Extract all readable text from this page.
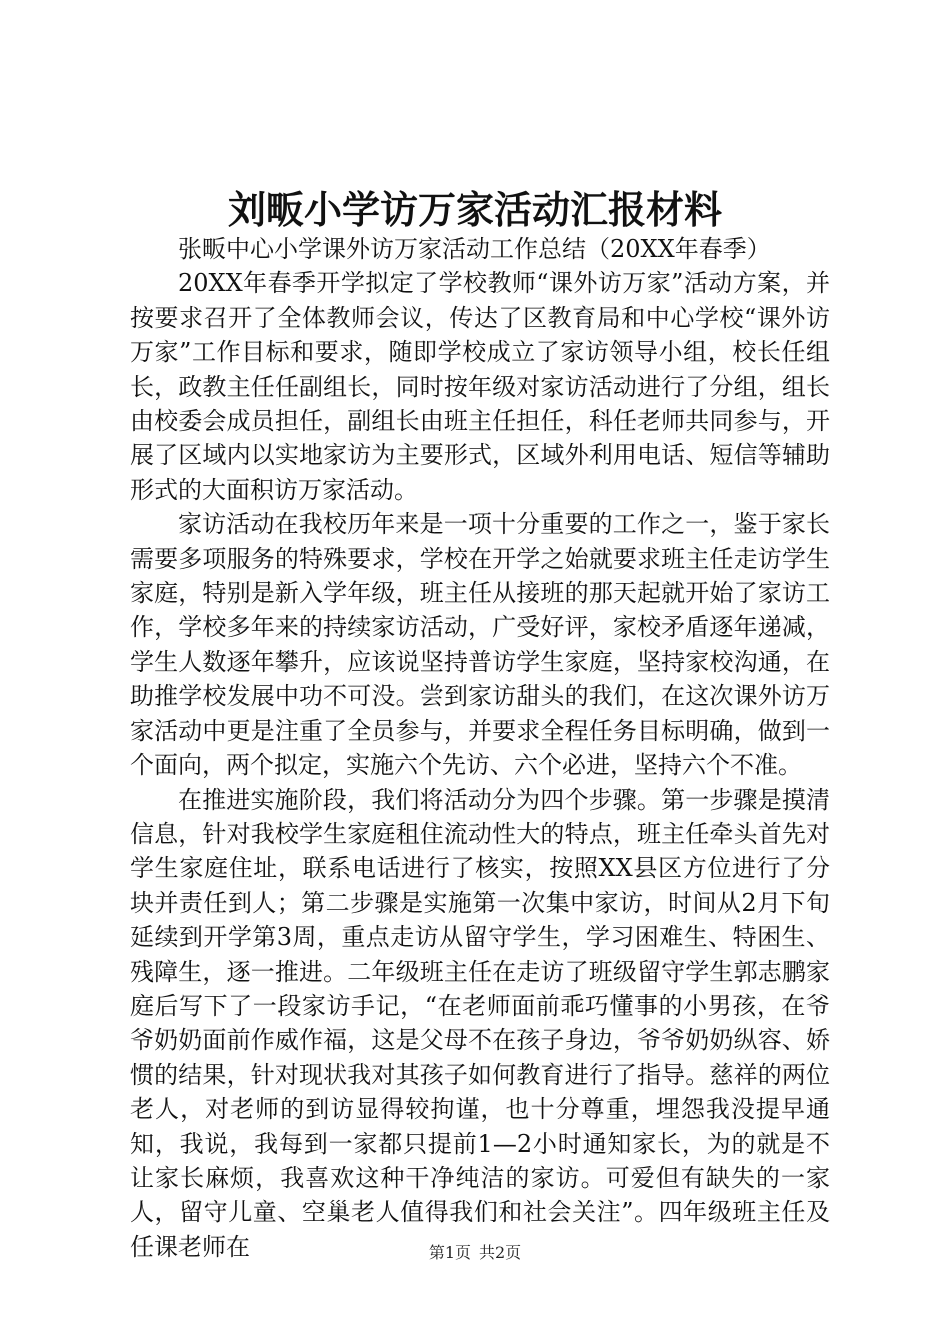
刘畈小学访万家活动汇报材料

张畈中心小学课外访万家活动工作总结（20XX年春季）

20XX年春季开学拟定了学校教师“课外访万家”活动方案，并按要求召开了全体教师会议，传达了区教育局和中心学校“课外访万家”工作目标和要求，随即学校成立了家访领导小组，校长任组长，政教主任任副组长，同时按年级对家访活动进行了分组，组长由校委会成员担任，副组长由班主任担任，科任老师共同参与，开展了区域内以实地家访为主要形式，区域外利用电话、短信等辅助形式的大面积访万家活动。

家访活动在我校历年来是一项十分重要的工作之一，鉴于家长需要多项服务的特殊要求，学校在开学之始就要求班主任走访学生家庭，特别是新入学年级，班主任从接班的那天起就开始了家访工作，学校多年来的持续家访活动，广受好评，家校矛盾逐年递减，学生人数逐年攀升，应该说坚持普访学生家庭，坚持家校沟通，在助推学校发展中功不可没。尝到家访甜头的我们，在这次课外访万家活动中更是注重了全员参与，并要求全程任务目标明确，做到一个面向，两个拟定，实施六个先访、六个必进，坚持六个不准。

在推进实施阶段，我们将活动分为四个步骤。第一步骤是摸清信息，针对我校学生家庭租住流动性大的特点，班主任牵头首先对学生家庭住址，联系电话进行了核实，按照XX县区方位进行了分块并责任到人；第二步骤是实施第一次集中家访，时间从2月下旬延续到开学第3周，重点走访从留守学生，学习困难生、特困生、残障生，逐一推进。二年级班主任在走访了班级留守学生郭志鹏家庭后写下了一段家访手记，“在老师面前乖巧懂事的小男孩，在爷爷奶奶面前作威作福，这是父母不在孩子身边，爷爷奶奶纵容、娇惯的结果，针对现状我对其孩子如何教育进行了指导。慈祥的两位老人，对老师的到访显得较拘谨，也十分尊重，埋怨我没提早通知，我说，我每到一家都只提前1—2小时通知家长，为的就是不让家长麻烦，我喜欢这种干净纯洁的家访。可爱但有缺失的一家人，留守儿童、空巢老人值得我们和社会关注”。四年级班主任及任课老师在	第1页 共2页
